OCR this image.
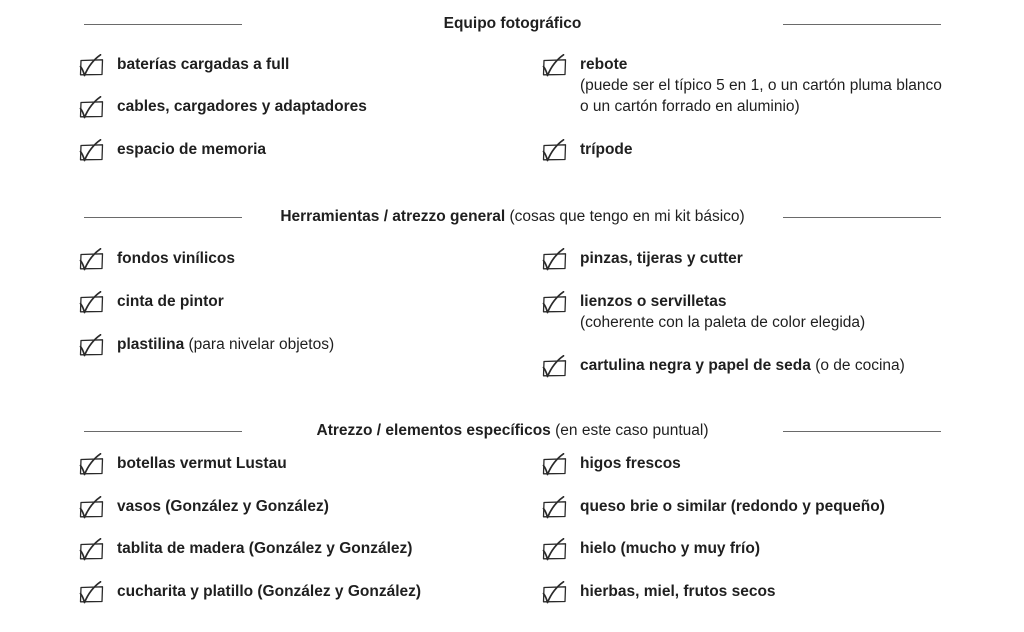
Equipo fotográfico
baterías cargadas a full
cables, cargadores y adaptadores
espacio de memoria
rebote
(puede ser el típico 5 en 1, o un cartón pluma blanco
o un cartón forrado en aluminio)
trípode
Herramientas / atrezzo general (cosas que tengo en mi kit básico)
fondos vinílicos
cinta de pintor
plastilina (para nivelar objetos)
pinzas, tijeras y cutter
lienzos o servilletas
(coherente con la paleta de color elegida)
cartulina negra y papel de seda (o de cocina)
Atrezzo / elementos específicos (en este caso puntual)
botellas vermut Lustau
vasos (González y González)
tablita de madera (González y González)
cucharita y platillo (González y González)
higos frescos
queso brie o similar (redondo y pequeño)
hielo (mucho y muy frío)
hierbas, miel, frutos secos
